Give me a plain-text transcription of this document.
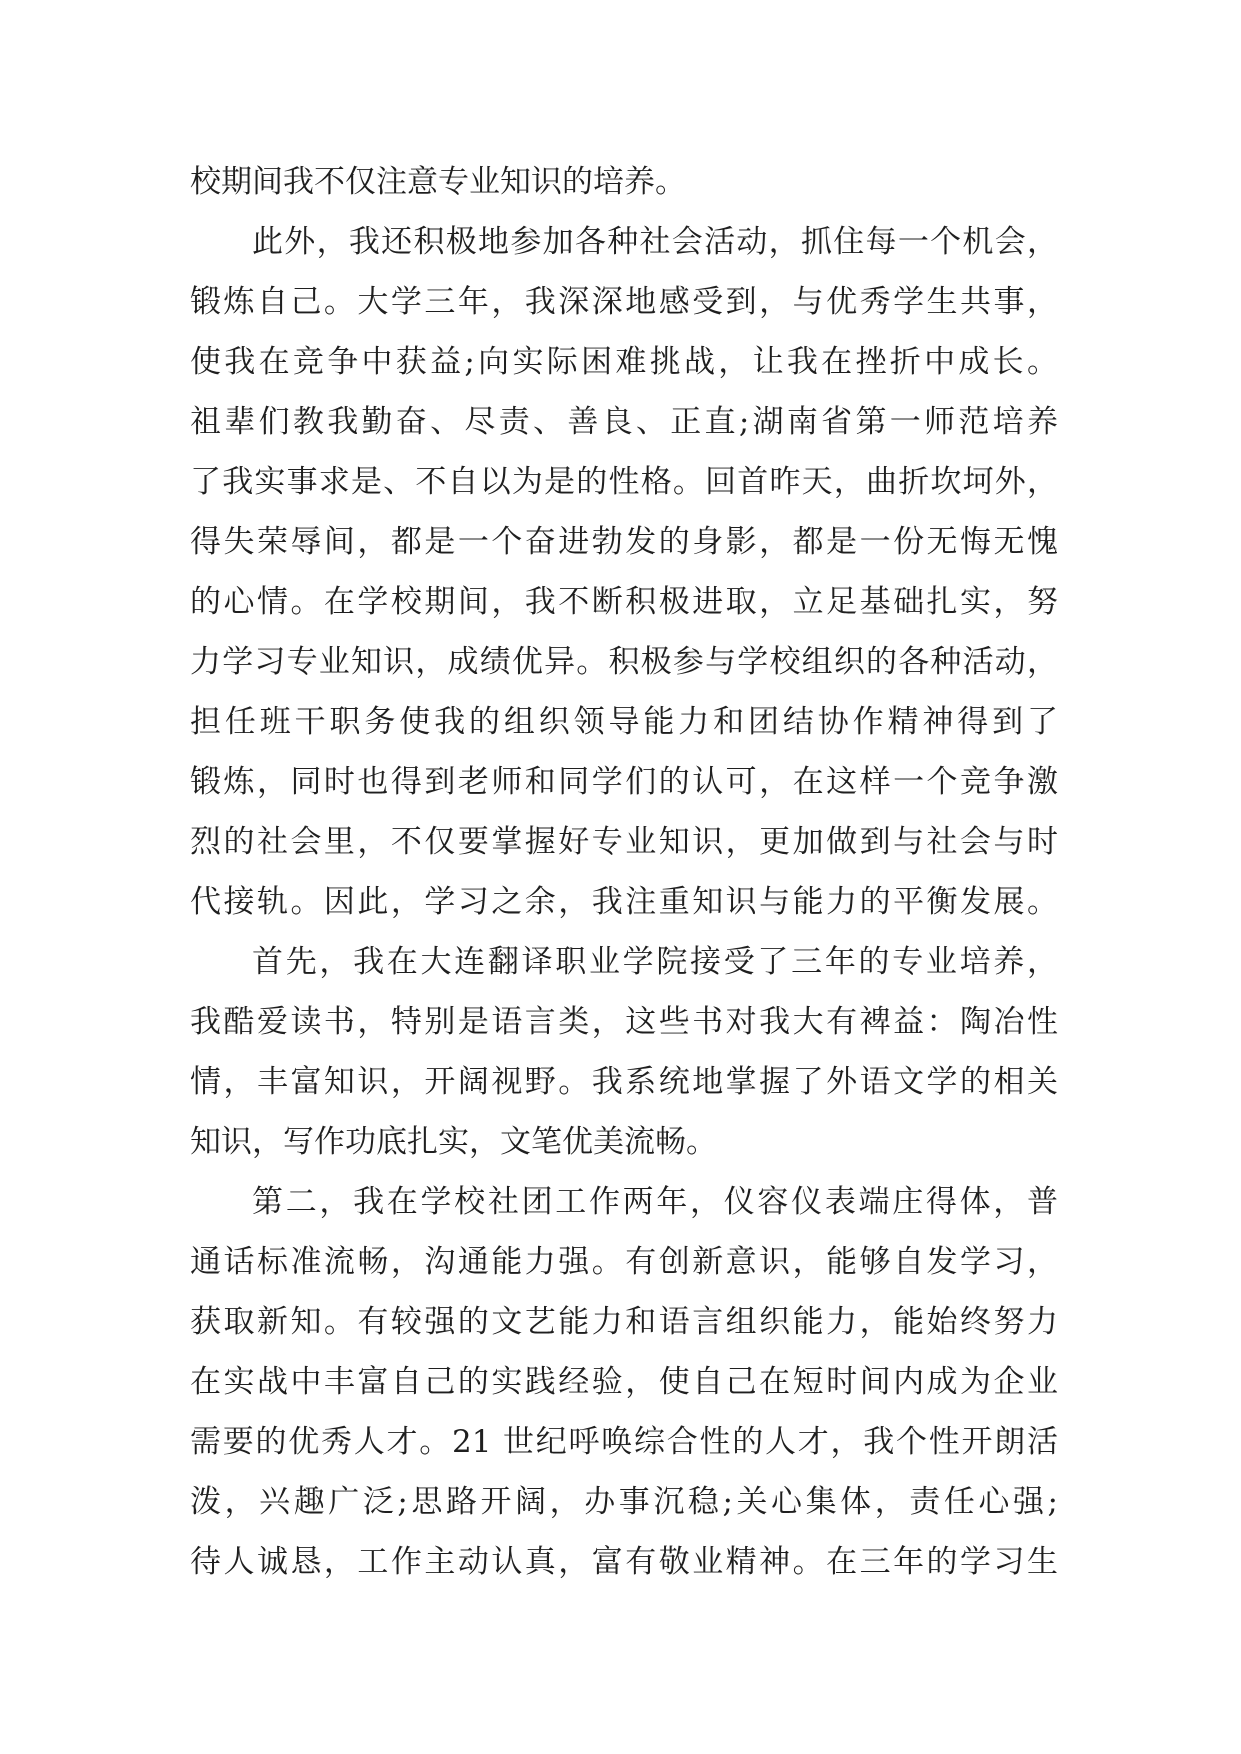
校期间我不仅注意专业知识的培养。
此外，我还积极地参加各种社会活动，抓住每一个机会，
锻炼自己。大学三年，我深深地感受到，与优秀学生共事，
使我在竞争中获益;向实际困难挑战，让我在挫折中成长。
祖辈们教我勤奋、尽责、善良、正直;湖南省第一师范培养
了我实事求是、不自以为是的性格。回首昨天，曲折坎坷外，
得失荣辱间，都是一个奋进勃发的身影，都是一份无悔无愧
的心情。在学校期间，我不断积极进取，立足基础扎实，努
力学习专业知识，成绩优异。积极参与学校组织的各种活动，
担任班干职务使我的组织领导能力和团结协作精神得到了
锻炼，同时也得到老师和同学们的认可，在这样一个竞争激
烈的社会里，不仅要掌握好专业知识，更加做到与社会与时
代接轨。因此，学习之余，我注重知识与能力的平衡发展。
首先，我在大连翻译职业学院接受了三年的专业培养，
我酷爱读书，特别是语言类，这些书对我大有裨益：陶冶性
情，丰富知识，开阔视野。我系统地掌握了外语文学的相关
知识，写作功底扎实，文笔优美流畅。
第二，我在学校社团工作两年，仪容仪表端庄得体，普
通话标准流畅，沟通能力强。有创新意识，能够自发学习，
获取新知。有较强的文艺能力和语言组织能力，能始终努力
在实战中丰富自己的实践经验，使自己在短时间内成为企业
需要的优秀人才。21 世纪呼唤综合性的人才，我个性开朗活
泼，兴趣广泛;思路开阔，办事沉稳;关心集体，责任心强;
待人诚恳，工作主动认真，富有敬业精神。在三年的学习生
